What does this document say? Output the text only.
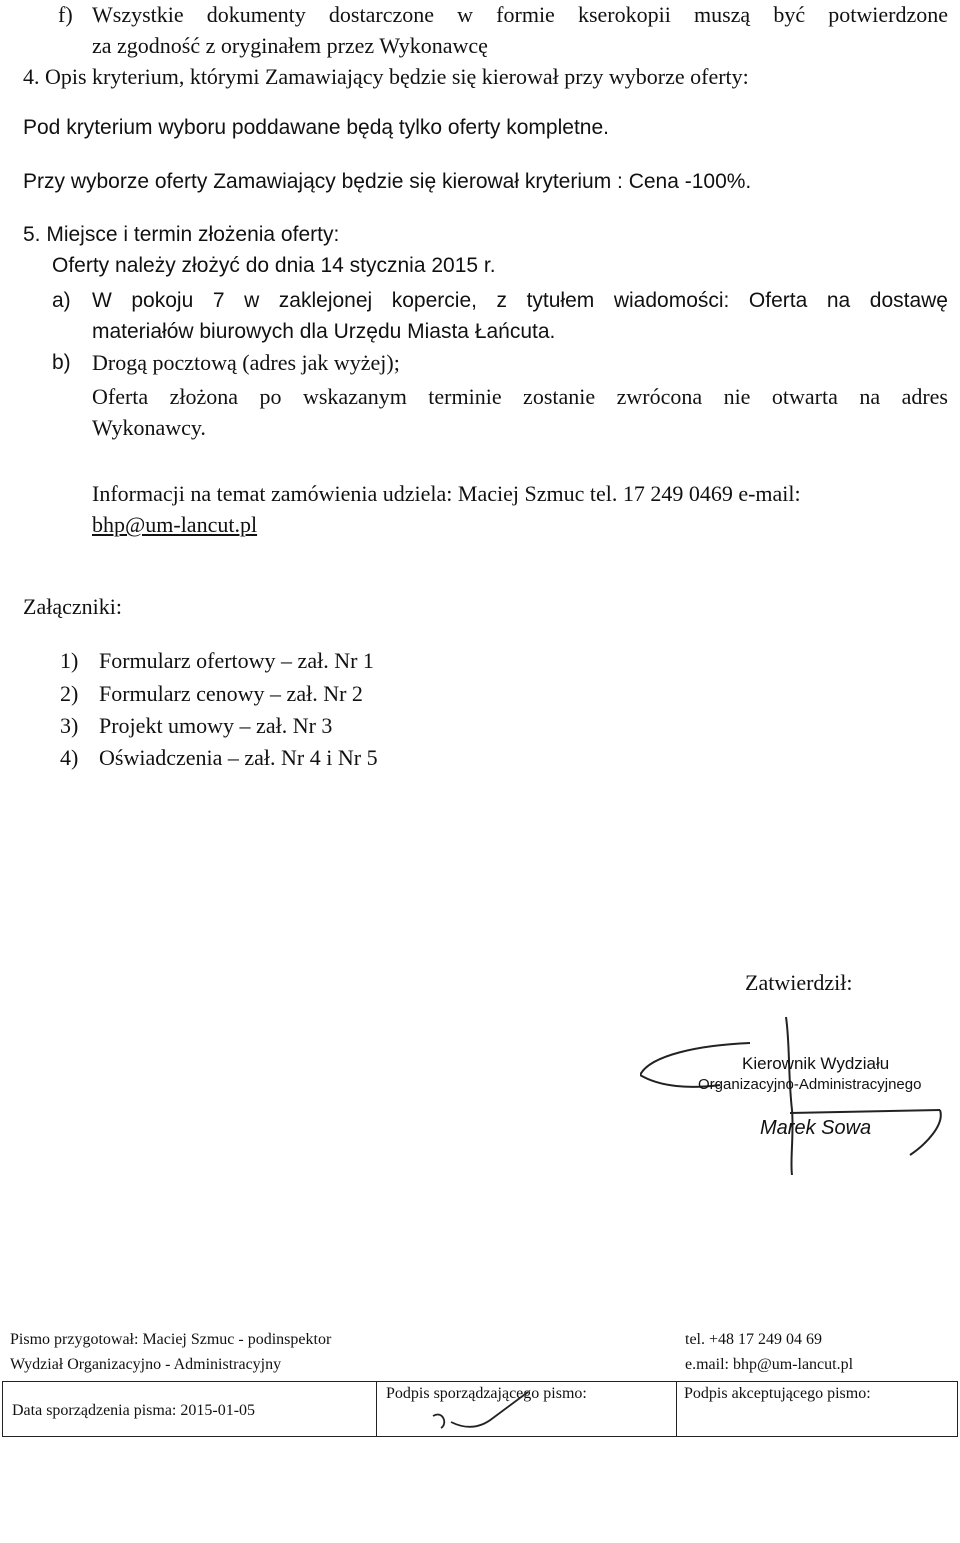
f) Wszystkie dokumenty dostarczone w formie kserokopii muszą być potwierdzone
za zgodność z oryginałem przez Wykonawcę
4. Opis kryterium, którymi Zamawiający będzie się kierował przy wyborze oferty:
Pod kryterium wyboru poddawane będą tylko oferty kompletne.
Przy wyborze oferty Zamawiający będzie się kierował kryterium : Cena -100%.
5. Miejsce i termin złożenia oferty:
Oferty należy złożyć do dnia 14 stycznia 2015 r.
a) W pokoju 7 w zaklejonej kopercie, z tytułem wiadomości: Oferta na dostawę
materiałów biurowych dla Urzędu Miasta Łańcuta.
b) Drogą pocztową (adres jak wyżej);
Oferta złożona po wskazanym terminie zostanie zwrócona nie otwarta na adres
Wykonawcy.
Informacji na temat zamówienia udziela: Maciej Szmuc tel. 17 249 0469 e-mail:
bhp@um-lancut.pl
Załączniki:
1) Formularz ofertowy – zał. Nr 1
2) Formularz cenowy – zał. Nr 2
3) Projekt umowy – zał. Nr 3
4) Oświadczenia – zał. Nr 4 i Nr 5
Zatwierdził:
Kierownik Wydziału
Organizacyjno-Administracyjnego
Marek Sowa
Pismo przygotował: Maciej Szmuc - podinspektor
Wydział Organizacyjno - Administracyjny
tel. +48 17 249 04 69
e.mail: bhp@um-lancut.pl
Data sporządzenia pisma: 2015-01-05
Podpis sporządzającego pismo:	Podpis akceptującego pismo:
